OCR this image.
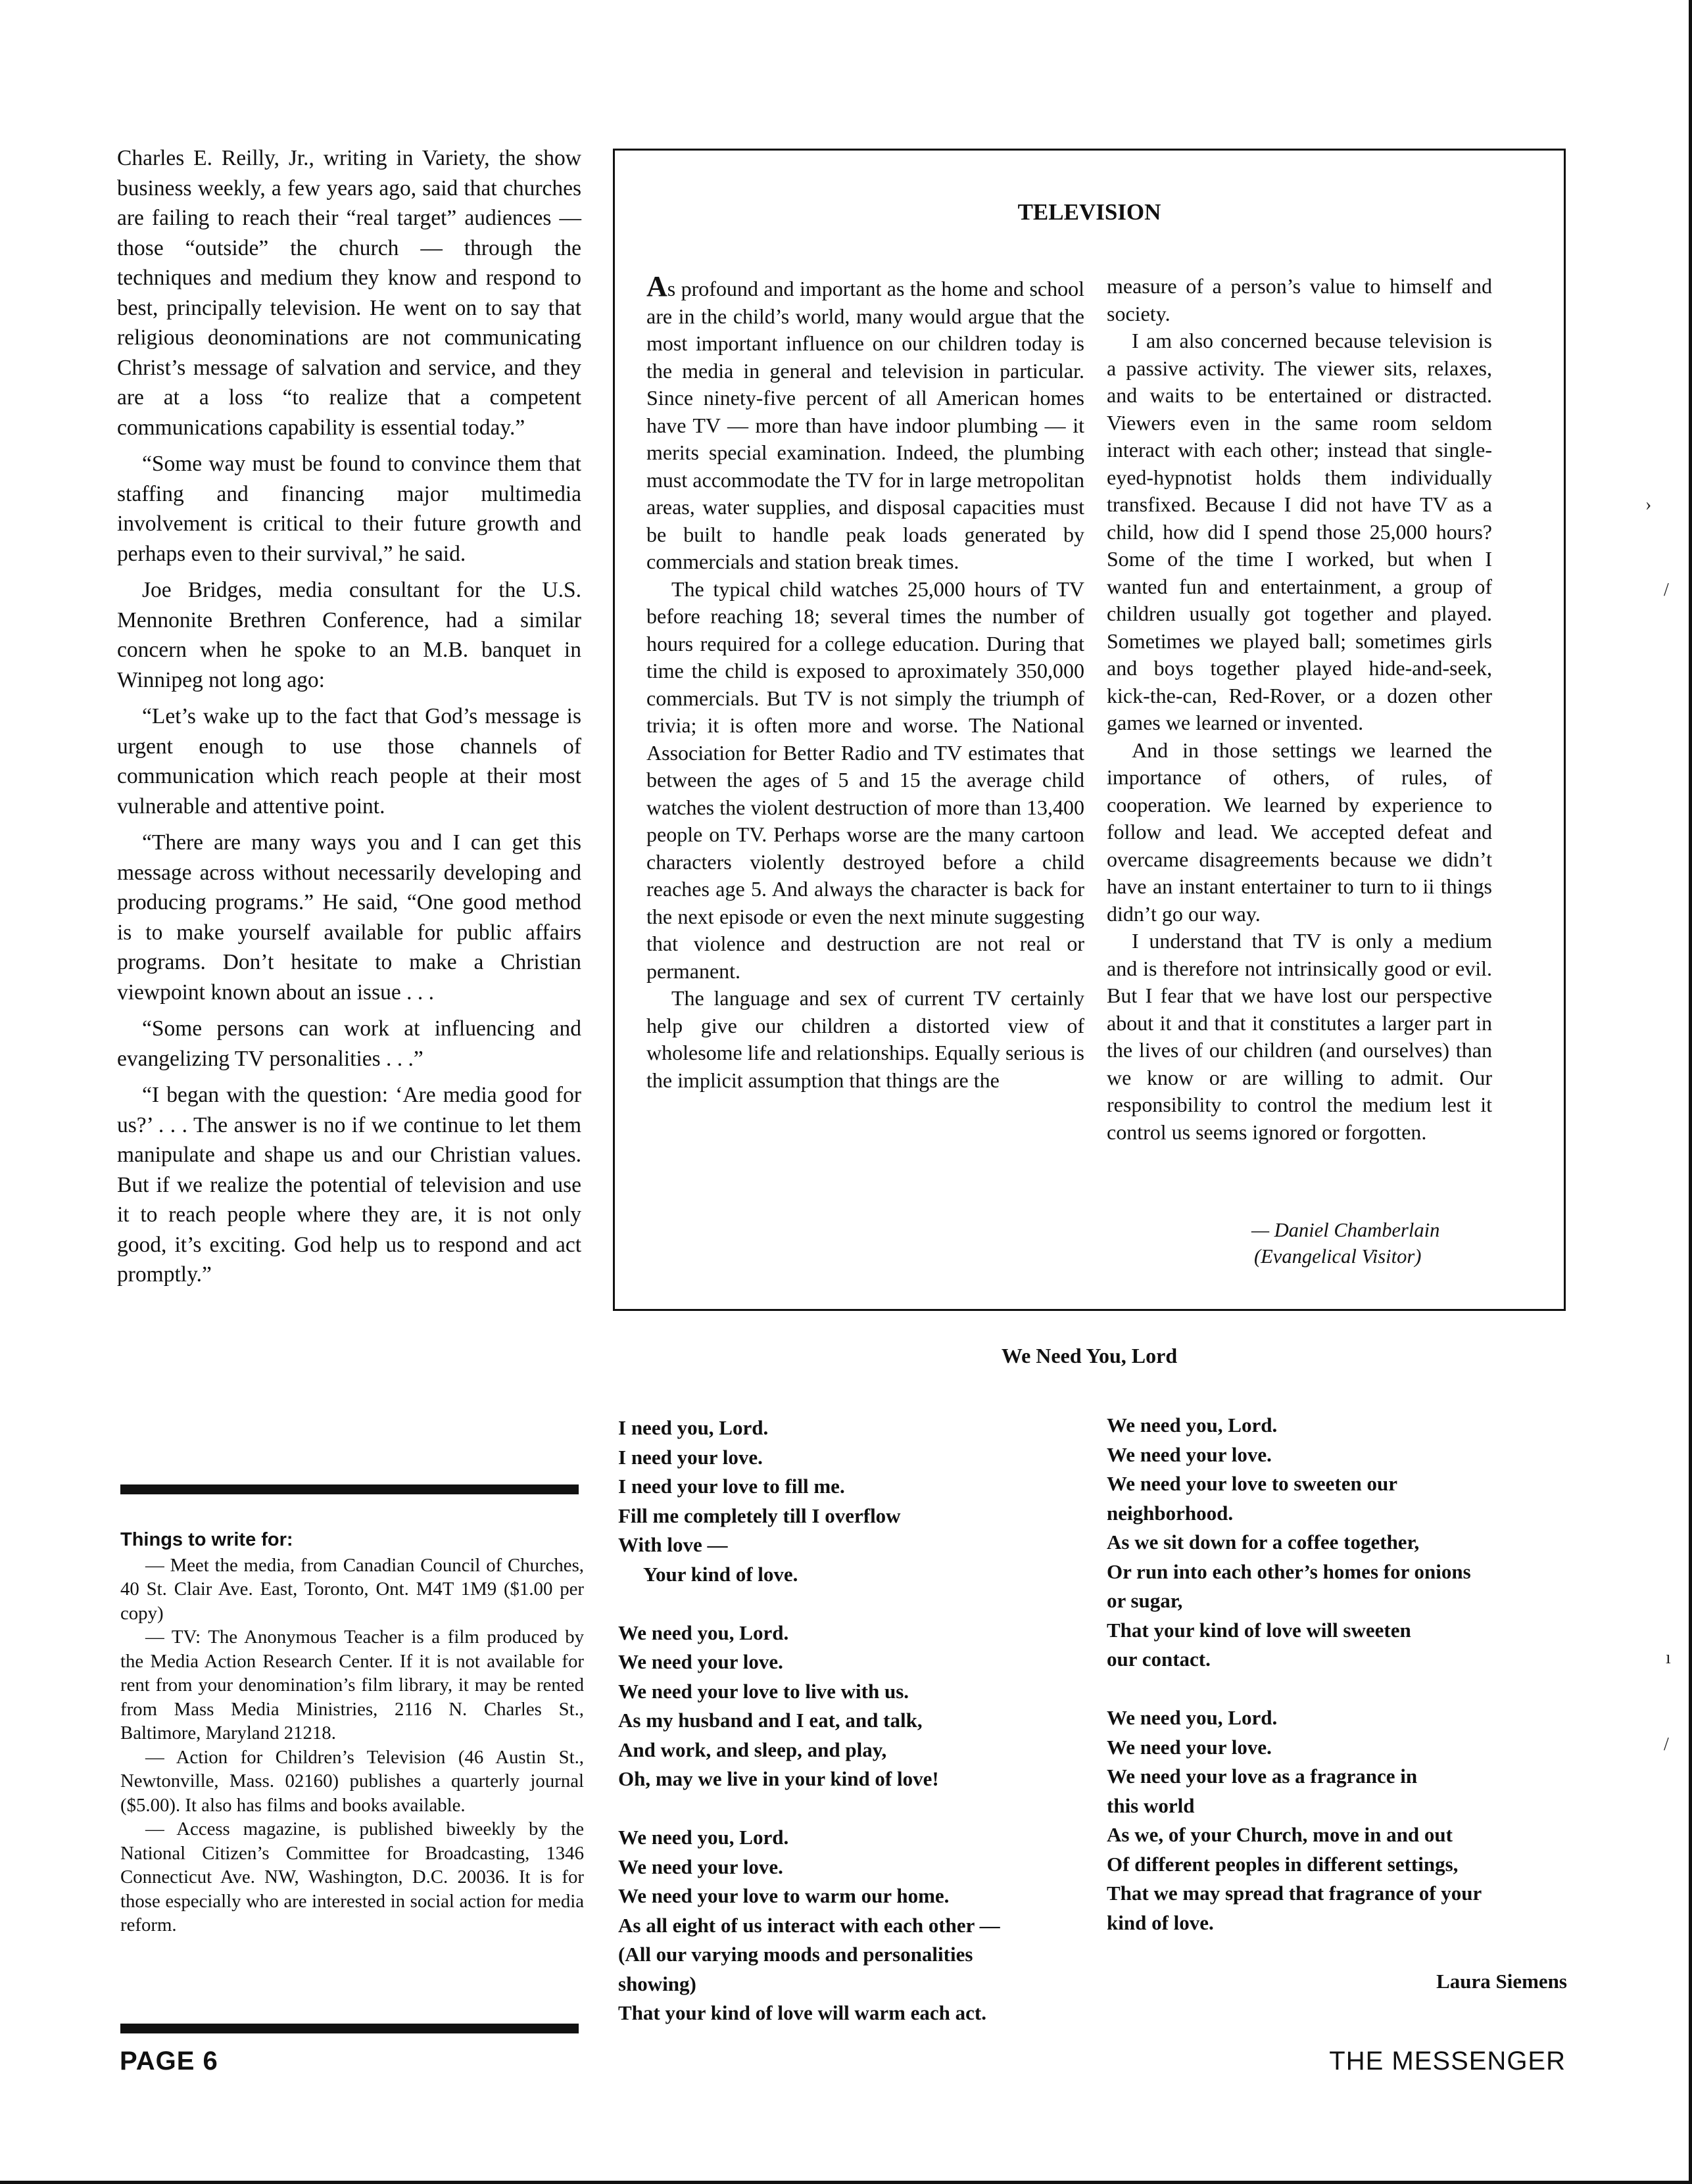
Charles E. Reilly, Jr., writing in Variety, the show business weekly, a few years ago, said that churches are failing to reach their “real target” audiences — those “outside” the church — through the techniques and medium they know and respond to best, principally television. He went on to say that religious deonominations are not communicating Christ’s message of salvation and service, and they are at a loss “to realize that a competent communications capability is essential today.”

“Some way must be found to convince them that staffing and financing major multimedia involvement is critical to their future growth and perhaps even to their survival,” he said.

Joe Bridges, media consultant for the U.S. Mennonite Brethren Conference, had a similar concern when he spoke to an M.B. banquet in Winnipeg not long ago:

“Let’s wake up to the fact that God’s message is urgent enough to use those channels of communication which reach people at their most vulnerable and attentive point.

“There are many ways you and I can get this message across without necessarily developing and producing programs.” He said, “One good method is to make yourself available for public affairs programs. Don’t hesitate to make a Christian viewpoint known about an issue . . .

“Some persons can work at influencing and evangelizing TV personalities . . .”

“I began with the question: ‘Are media good for us?’ . . . The answer is no if we continue to let them manipulate and shape us and our Christian values. But if we realize the potential of television and use it to reach people where they are, it is not only good, it’s exciting. God help us to respond and act promptly.”

Things to write for:

— Meet the media, from Canadian Council of Churches, 40 St. Clair Ave. East, Toronto, Ont. M4T 1M9 ($1.00 per copy)

— TV: The Anonymous Teacher is a film produced by the Media Action Research Center. If it is not available for rent from your denomination’s film library, it may be rented from Mass Media Ministries, 2116 N. Charles St., Baltimore, Maryland 21218.

— Action for Children’s Television (46 Austin St., Newtonville, Mass. 02160) publishes a quarterly journal ($5.00). It also has films and books available.

— Access magazine, is published biweekly by the National Citizen’s Committee for Broadcasting, 1346 Connecticut Ave. NW, Washington, D.C. 20036. It is for those especially who are interested in social action for media reform.

TELEVISION

As profound and important as the home and school are in the child’s world, many would argue that the most important influence on our children today is the media in general and television in particular. Since ninety-five percent of all American homes have TV — more than have indoor plumbing — it merits special examination. Indeed, the plumbing must accommodate the TV for in large metropolitan areas, water supplies, and disposal capacities must be built to handle peak loads generated by commercials and station break times.

The typical child watches 25,000 hours of TV before reaching 18; several times the number of hours required for a college education. During that time the child is exposed to aproximately 350,000 commercials. But TV is not simply the triumph of trivia; it is often more and worse. The National Association for Better Radio and TV estimates that between the ages of 5 and 15 the average child watches the violent destruction of more than 13,400 people on TV. Perhaps worse are the many cartoon characters violently destroyed before a child reaches age 5. And always the character is back for the next episode or even the next minute suggesting that violence and destruction are not real or permanent.

The language and sex of current TV certainly help give our children a distorted view of wholesome life and relationships. Equally serious is the implicit assumption that things are the

measure of a person’s value to himself and society.

I am also concerned because television is a passive activity. The viewer sits, relaxes, and waits to be entertained or distracted. Viewers even in the same room seldom interact with each other; instead that single-eyed-hypnotist holds them individually transfixed. Because I did not have TV as a child, how did I spend those 25,000 hours? Some of the time I worked, but when I wanted fun and entertainment, a group of children usually got together and played. Sometimes we played ball; sometimes girls and boys together played hide-and-seek, kick-the-can, Red-Rover, or a dozen other games we learned or invented.

And in those settings we learned the importance of others, of rules, of cooperation. We learned by experience to follow and lead. We accepted defeat and overcame disagreements because we didn’t have an instant entertainer to turn to ii things didn’t go our way.

I understand that TV is only a medium and is therefore not intrinsically good or evil. But I fear that we have lost our perspective about it and that it constitutes a larger part in the lives of our children (and ourselves) than we know or are willing to admit. Our responsibility to control the medium lest it control us seems ignored or forgotten.

— Daniel Chamberlain
(Evangelical Visitor)
We Need You, Lord
I need you, Lord.
I need your love.
I need your love to fill me.
Fill me completely till I overflow
With love —
Your kind of love.
We need you, Lord.
We need your love.
We need your love to live with us.
As my husband and I eat, and talk,
And work, and sleep, and play,
Oh, may we live in your kind of love!
We need you, Lord.
We need your love.
We need your love to warm our home.
As all eight of us interact with each other —
(All our varying moods and personalities
showing)
That your kind of love will warm each act.
We need you, Lord.
We need your love.
We need your love to sweeten our
neighborhood.
As we sit down for a coffee together,
Or run into each other’s homes for onions
or sugar,
That your kind of love will sweeten
our contact.
We need you, Lord.
We need your love.
We need your love as a fragrance in
this world
As we, of your Church, move in and out
Of different peoples in different settings,
That we may spread that fragrance of your
kind of love.
Laura Siemens
PAGE 6	THE MESSENGER
›
/
ı
/
